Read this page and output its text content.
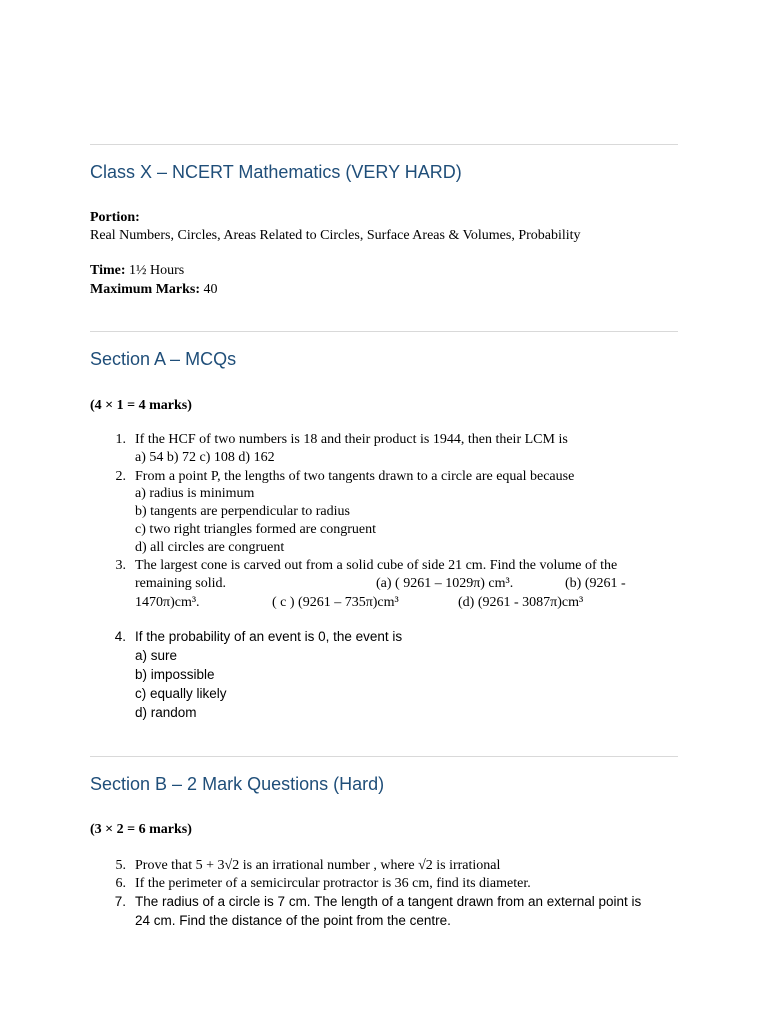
Class X – NCERT Mathematics (VERY HARD)
Portion:
Real Numbers, Circles, Areas Related to Circles, Surface Areas & Volumes, Probability
Time: 1½ Hours
Maximum Marks: 40
Section A – MCQs
(4 × 1 = 4 marks)
1. If the HCF of two numbers is 18 and their product is 1944, then their LCM is
a) 54 b) 72 c) 108 d) 162
2. From a point P, the lengths of two tangents drawn to a circle are equal because
a) radius is minimum
b) tangents are perpendicular to radius
c) two right triangles formed are congruent
d) all circles are congruent
3. The largest cone is carved out from a solid cube of side 21 cm. Find the volume of the
remaining solid.	(a) ( 9261 – 1029π) cm³.	(b) (9261 -
1470π)cm³.	( c ) (9261 – 735π)cm³	(d) (9261 - 3087π)cm³
4. If the probability of an event is 0, the event is
a) sure
b) impossible
c) equally likely
d) random
Section B – 2 Mark Questions (Hard)
(3 × 2 = 6 marks)
5. Prove that 5 + 3√2 is an irrational number , where √2 is irrational
6. If the perimeter of a semicircular protractor is 36 cm, find its diameter.
7. The radius of a circle is 7 cm. The length of a tangent drawn from an external point is
24 cm. Find the distance of the point from the centre.
